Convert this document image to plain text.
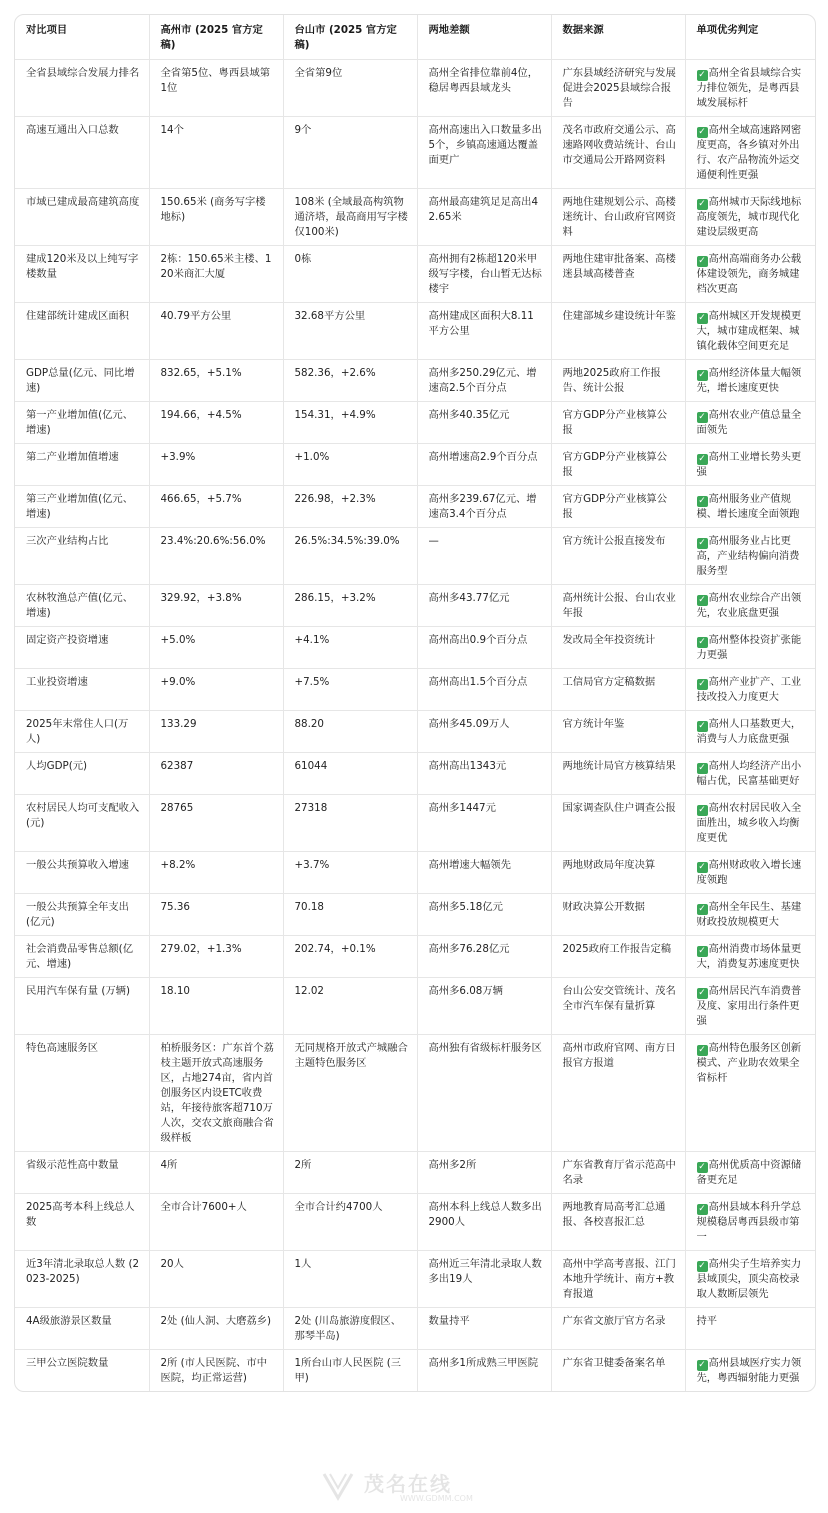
对比项目	高州市 (2025 官方定稿)	台山市 (2025 官方定稿)	两地差额	数据来源	单项优劣判定
全省县域综合发展力排名	全省第5位、粤西县域第1位	全省第9位	高州全省排位靠前4位，稳居粤西县域龙头	广东县域经济研究与发展促进会2025县域综合报告	✓ 高州全省县域综合实力排位领先，是粤西县域发展标杆
高速互通出入口总数	14个	9个	高州高速出入口数量多出5个，乡镇高速通达覆盖面更广	茂名市政府交通公示、高速路网收费站统计、台山市交通局公开路网资料	✓ 高州全域高速路网密度更高，各乡镇对外出行、农产品物流外运交通便利性更强
市域已建成最高建筑高度	150.65米 (商务写字楼地标)	108米 (全域最高构筑物通济塔，最高商用写字楼仅100米)	高州最高建筑足足高出42.65米	两地住建规划公示、高楼迷统计、台山政府官网资料	✓ 高州城市天际线地标高度领先，城市现代化建设层级更高
建成120米及以上纯写字楼数量	2栋：150.65米主楼、120米商汇大厦	0栋	高州拥有2栋超120米甲级写字楼，台山暂无达标楼宇	两地住建审批备案、高楼迷县域高楼普查	✓ 高州高端商务办公载体建设领先，商务城建档次更高
住建部统计建成区面积	40.79平方公里	32.68平方公里	高州建成区面积大8.11平方公里	住建部城乡建设统计年鉴	✓ 高州城区开发规模更大，城市建成框架、城镇化载体空间更充足
GDP总量(亿元、同比增速)	832.65，+5.1%	582.36，+2.6%	高州多250.29亿元、增速高2.5个百分点	两地2025政府工作报告、统计公报	✓ 高州经济体量大幅领先，增长速度更快
第一产业增加值(亿元、增速)	194.66，+4.5%	154.31，+4.9%	高州多40.35亿元	官方GDP分产业核算公报	✓ 高州农业产值总量全面领先
第二产业增加值增速	+3.9%	+1.0%	高州增速高2.9个百分点	官方GDP分产业核算公报	✓ 高州工业增长势头更强
第三产业增加值(亿元、增速)	466.65，+5.7%	226.98，+2.3%	高州多239.67亿元、增速高3.4个百分点	官方GDP分产业核算公报	✓ 高州服务业产值规模、增长速度全面领跑
三次产业结构占比	23.4%:20.6%:56.0%	26.5%:34.5%:39.0%	—	官方统计公报直接发布	✓ 高州服务业占比更高，产业结构偏向消费服务型
农林牧渔总产值(亿元、增速)	329.92，+3.8%	286.15，+3.2%	高州多43.77亿元	高州统计公报、台山农业年报	✓ 高州农业综合产出领先，农业底盘更强
固定资产投资增速	+5.0%	+4.1%	高州高出0.9个百分点	发改局全年投资统计	✓ 高州整体投资扩张能力更强
工业投资增速	+9.0%	+7.5%	高州高出1.5个百分点	工信局官方定稿数据	✓ 高州产业扩产、工业技改投入力度更大
2025年末常住人口(万人)	133.29	88.20	高州多45.09万人	官方统计年鉴	✓ 高州人口基数更大，消费与人力底盘更强
人均GDP(元)	62387	61044	高州高出1343元	两地统计局官方核算结果	✓ 高州人均经济产出小幅占优，民富基础更好
农村居民人均可支配收入(元)	28765	27318	高州多1447元	国家调查队住户调查公报	✓ 高州农村居民收入全面胜出，城乡收入均衡度更优
一般公共预算收入增速	+8.2%	+3.7%	高州增速大幅领先	两地财政局年度决算	✓ 高州财政收入增长速度领跑
一般公共预算全年支出(亿元)	75.36	70.18	高州多5.18亿元	财政决算公开数据	✓ 高州全年民生、基建财政投放规模更大
社会消费品零售总额(亿元、增速)	279.02，+1.3%	202.74，+0.1%	高州多76.28亿元	2025政府工作报告定稿	✓ 高州消费市场体量更大，消费复苏速度更快
民用汽车保有量 (万辆)	18.10	12.02	高州多6.08万辆	台山公安交管统计、茂名全市汽车保有量折算	✓ 高州居民汽车消费普及度、家用出行条件更强
特色高速服务区	柏桥服务区：广东首个荔枝主题开放式高速服务区，占地274亩，省内首创服务区内设ETC收费站，年接待旅客超710万人次，交农文旅商融合省级样板	无同规格开放式产城融合主题特色服务区	高州独有省级标杆服务区	高州市政府官网、南方日报官方报道	✓ 高州特色服务区创新模式、产业助农效果全省标杆
省级示范性高中数量	4所	2所	高州多2所	广东省教育厅省示范高中名录	✓ 高州优质高中资源储备更充足
2025高考本科上线总人数	全市合计7600+人	全市合计约4700人	高州本科上线总人数多出2900人	两地教育局高考汇总通报、各校喜报汇总	✓ 高州县域本科升学总规模稳居粤西县级市第一
近3年清北录取总人数 (2023-2025)	20人	1人	高州近三年清北录取人数多出19人	高州中学高考喜报、江门本地升学统计、南方+教育报道	✓ 高州尖子生培养实力县域顶尖，顶尖高校录取人数断层领先
4A级旅游景区数量	2处 (仙人洞、大磨荔乡)	2处 (川岛旅游度假区、那琴半岛)	数量持平	广东省文旅厅官方名录	持平
三甲公立医院数量	2所 (市人民医院、市中医院，均正常运营)	1所台山市人民医院 (三甲)	高州多1所成熟三甲医院	广东省卫健委备案名单	✓ 高州县域医疗实力领先，粤西辐射能力更强
茂名在线
WWW.GDMM.COM
